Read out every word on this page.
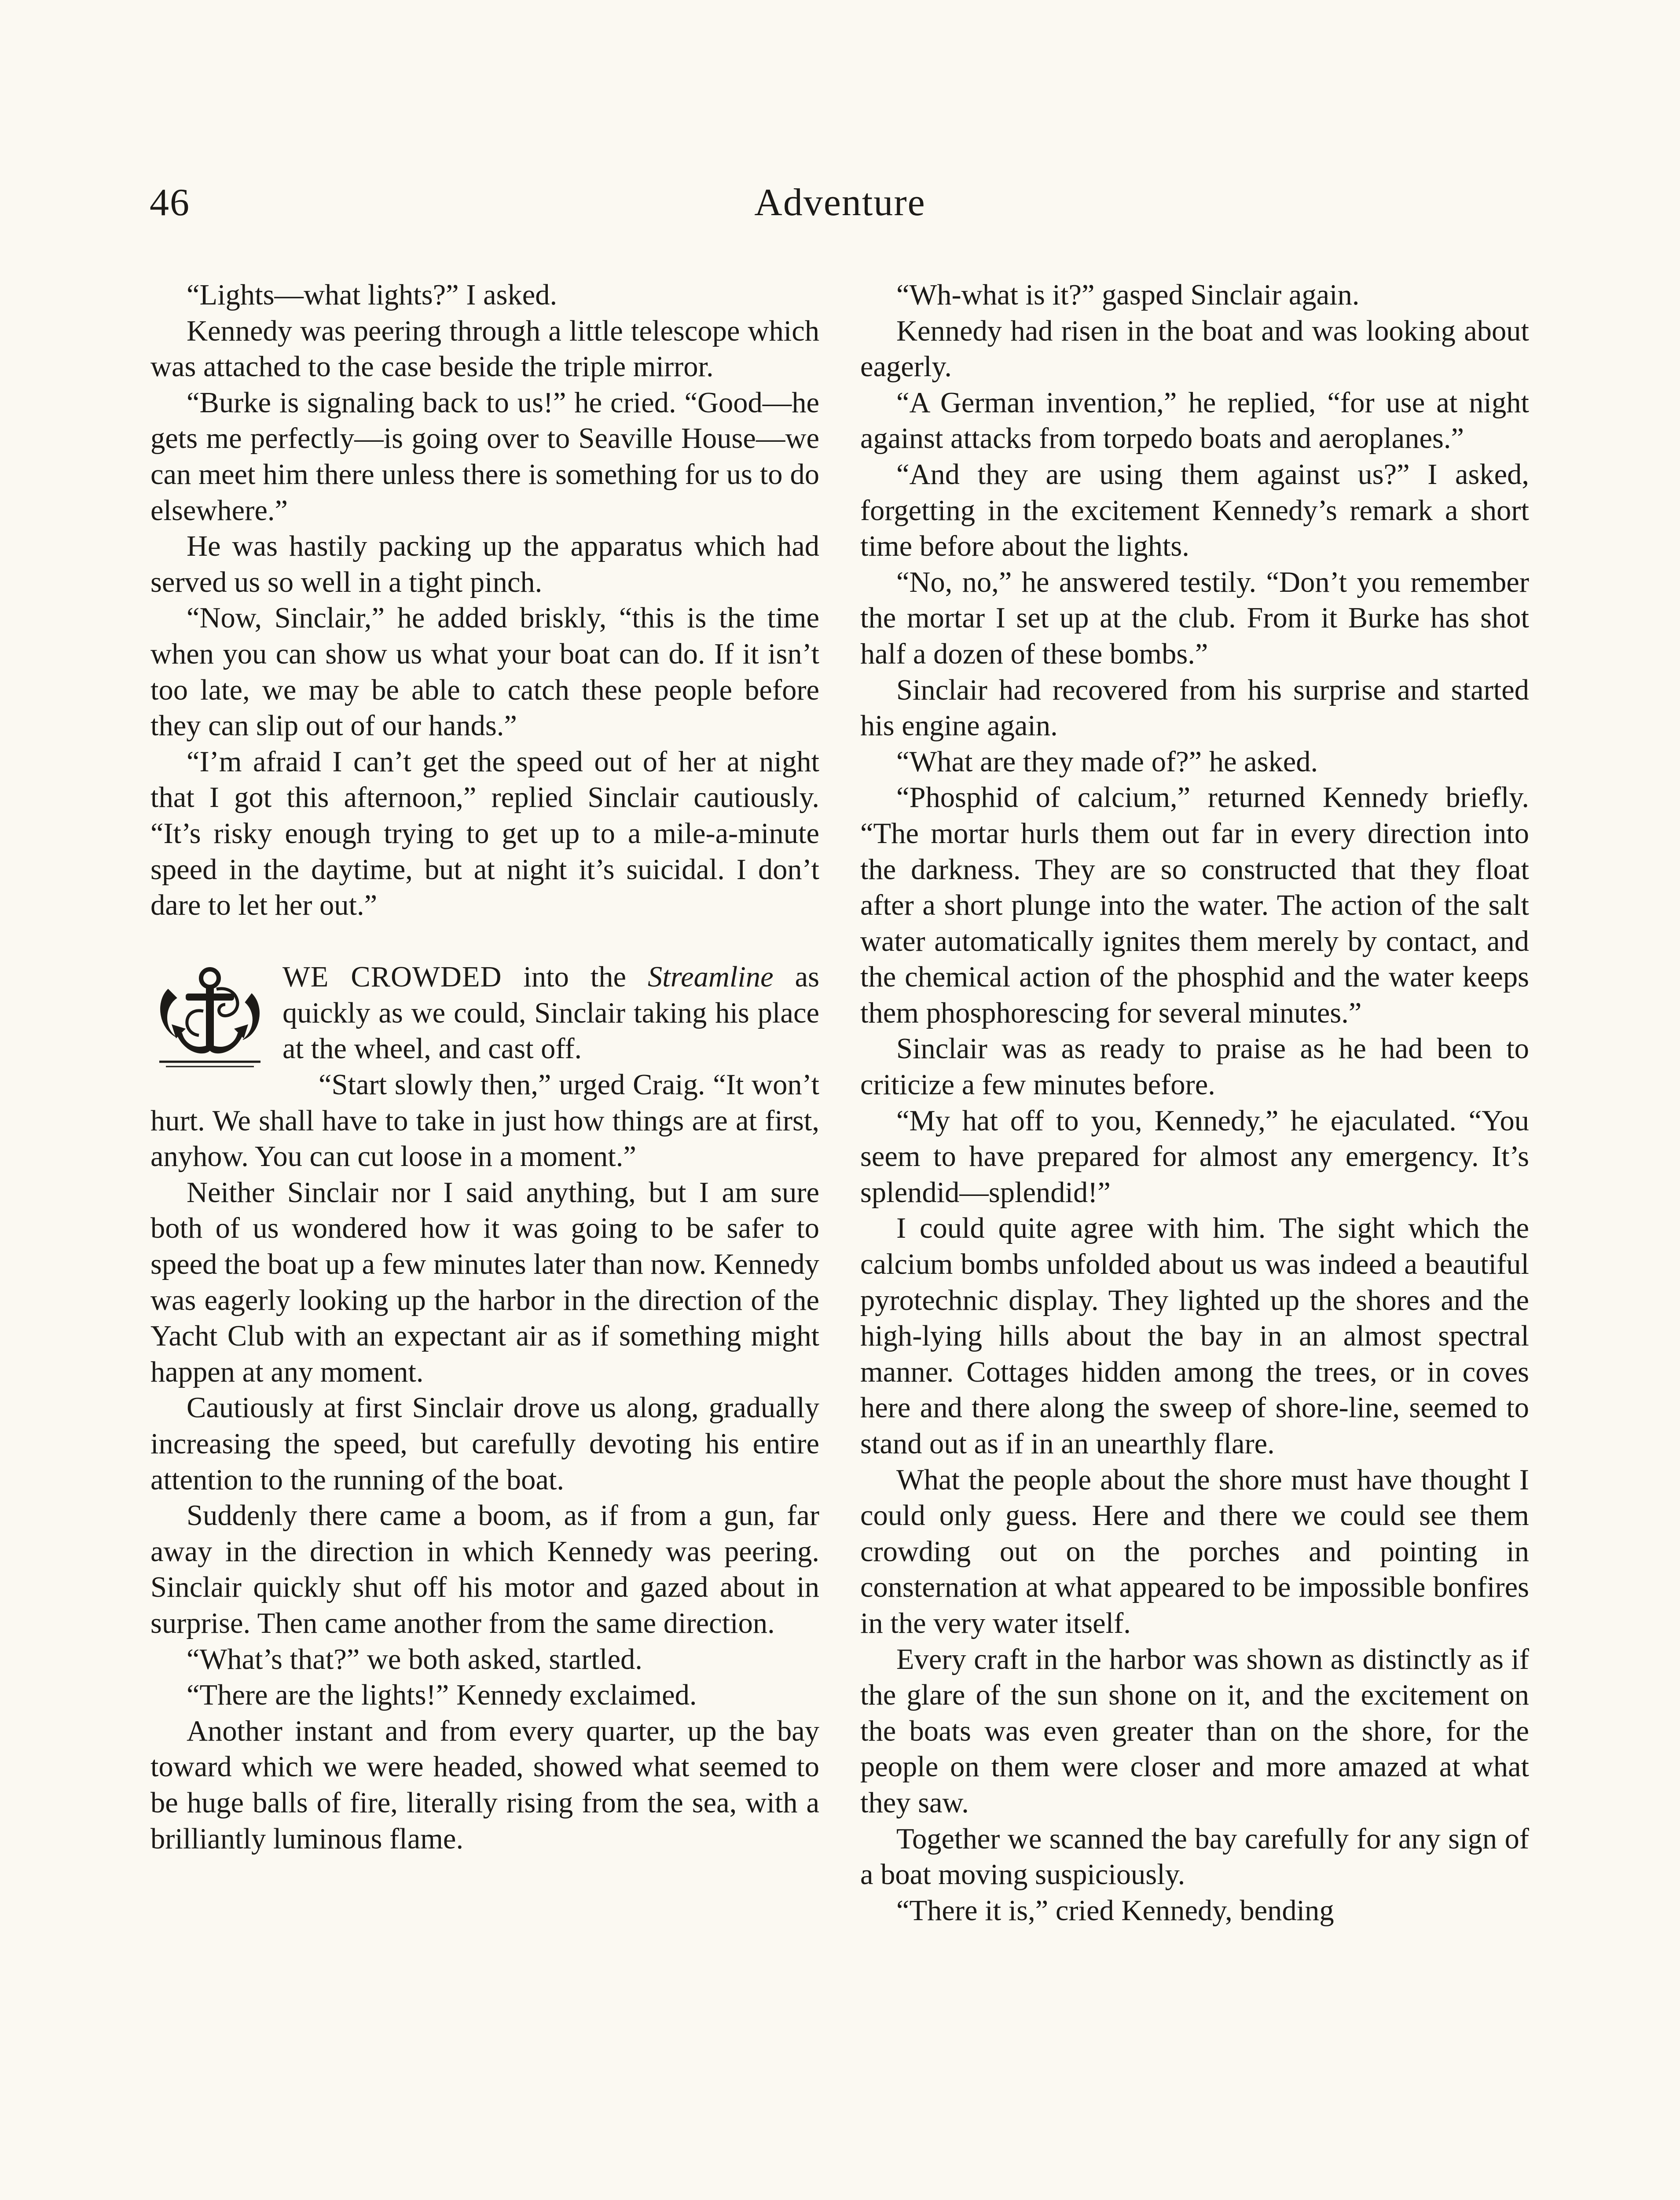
46	Adventure

“Lights—what lights?” I asked.

Kennedy was peering through a little telescope which was attached to the case beside the triple mirror.

“Burke is signaling back to us!” he cried. “Good—he gets me perfectly—is going over to Seaville House—we can meet him there unless there is something for us to do elsewhere.”

He was hastily packing up the apparatus which had served us so well in a tight pinch.

“Now, Sinclair,” he added briskly, “this is the time when you can show us what your boat can do. If it isn’t too late, we may be able to catch these people before they can slip out of our hands.”

“I’m afraid I can’t get the speed out of her at night that I got this afternoon,” replied Sinclair cautiously. “It’s risky enough trying to get up to a mile-a-minute speed in the daytime, but at night it’s suicidal. I don’t dare to let her out.”

WE CROWDED into the Streamline as quickly as we could, Sinclair taking his place at the wheel, and cast off.

“Start slowly then,” urged Craig. “It won’t hurt. We shall have to take in just how things are at first, anyhow. You can cut loose in a moment.”

Neither Sinclair nor I said anything, but I am sure both of us wondered how it was going to be safer to speed the boat up a few minutes later than now. Kennedy was eagerly looking up the harbor in the direction of the Yacht Club with an expectant air as if something might happen at any moment.

Cautiously at first Sinclair drove us along, gradually increasing the speed, but carefully devoting his entire attention to the running of the boat.

Suddenly there came a boom, as if from a gun, far away in the direction in which Kennedy was peering. Sinclair quickly shut off his motor and gazed about in surprise. Then came another from the same direction.

“What’s that?” we both asked, startled.

“There are the lights!” Kennedy exclaimed.

Another instant and from every quarter, up the bay toward which we were headed, showed what seemed to be huge balls of fire, literally rising from the sea, with a brilliantly luminous flame.

“Wh-what is it?” gasped Sinclair again.

Kennedy had risen in the boat and was looking about eagerly.

“A German invention,” he replied, “for use at night against attacks from torpedo boats and aeroplanes.”

“And they are using them against us?” I asked, forgetting in the excitement Kennedy’s remark a short time before about the lights.

“No, no,” he answered testily. “Don’t you remember the mortar I set up at the club. From it Burke has shot half a dozen of these bombs.”

Sinclair had recovered from his surprise and started his engine again.

“What are they made of?” he asked.

“Phosphid of calcium,” returned Kennedy briefly. “The mortar hurls them out far in every direction into the darkness. They are so constructed that they float after a short plunge into the water. The action of the salt water automatically ignites them merely by contact, and the chemical action of the phosphid and the water keeps them phosphorescing for several minutes.”

Sinclair was as ready to praise as he had been to criticize a few minutes before.

“My hat off to you, Kennedy,” he ejaculated. “You seem to have prepared for almost any emergency. It’s splendid—splendid!”

I could quite agree with him. The sight which the calcium bombs unfolded about us was indeed a beautiful pyrotechnic display. They lighted up the shores and the high-lying hills about the bay in an almost spectral manner. Cottages hidden among the trees, or in coves here and there along the sweep of shore-line, seemed to stand out as if in an unearthly flare.

What the people about the shore must have thought I could only guess. Here and there we could see them crowding out on the porches and pointing in consternation at what appeared to be impossible bonfires in the very water itself.

Every craft in the harbor was shown as distinctly as if the glare of the sun shone on it, and the excitement on the boats was even greater than on the shore, for the people on them were closer and more amazed at what they saw.

Together we scanned the bay carefully for any sign of a boat moving suspiciously.

“There it is,” cried Kennedy, bending
